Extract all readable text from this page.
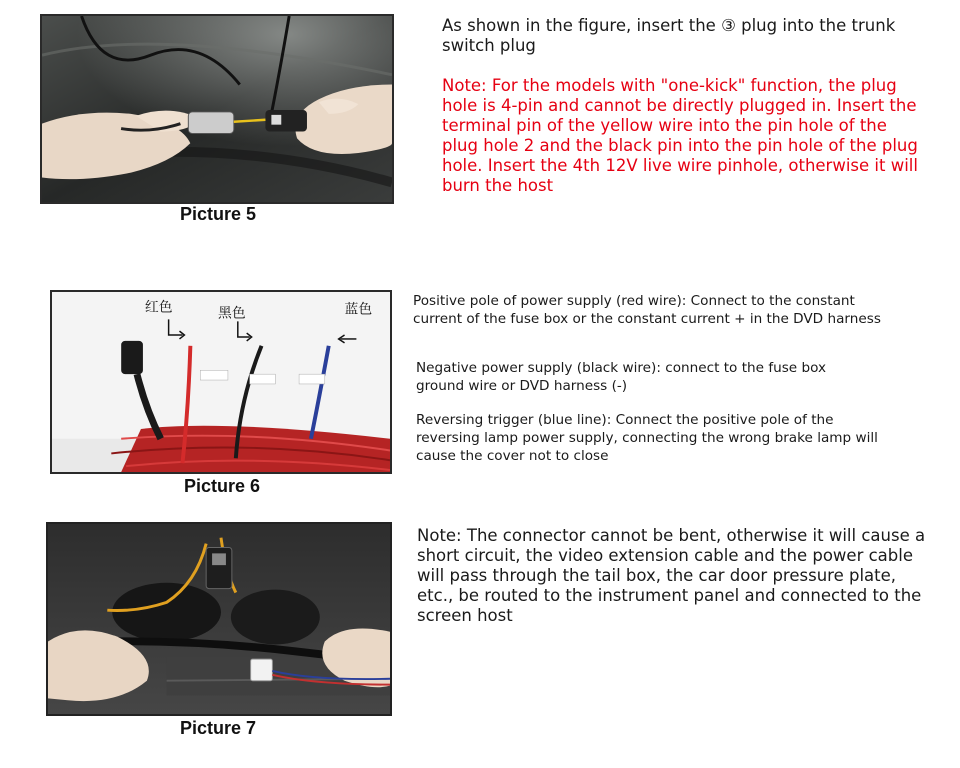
Picture 5

As shown in the figure, insert the ③ plug into the trunk switch plug

Note: For the models with "one-kick" function, the plug hole is 4-pin and cannot be directly plugged in. Insert the terminal pin of the yellow wire into the pin hole of the plug hole 2 and the black pin into the pin hole of the plug hole. Insert the 4th 12V live wire pinhole, otherwise it will burn the host

红色	黑色	蓝色
Picture 6

Positive pole of power supply (red wire): Connect to the constant current of the fuse box or the constant current + in the DVD harness

Negative power supply (black wire): connect to the fuse box ground wire or DVD harness (-)

Reversing trigger (blue line): Connect the positive pole of the reversing lamp power supply, connecting the wrong brake lamp will cause the cover not to close

Picture 7

Note: The connector cannot be bent, otherwise it will cause a short circuit, the video extension cable and the power cable will pass through the tail box, the car door pressure plate, etc., be routed to the instrument panel and connected to the screen host
